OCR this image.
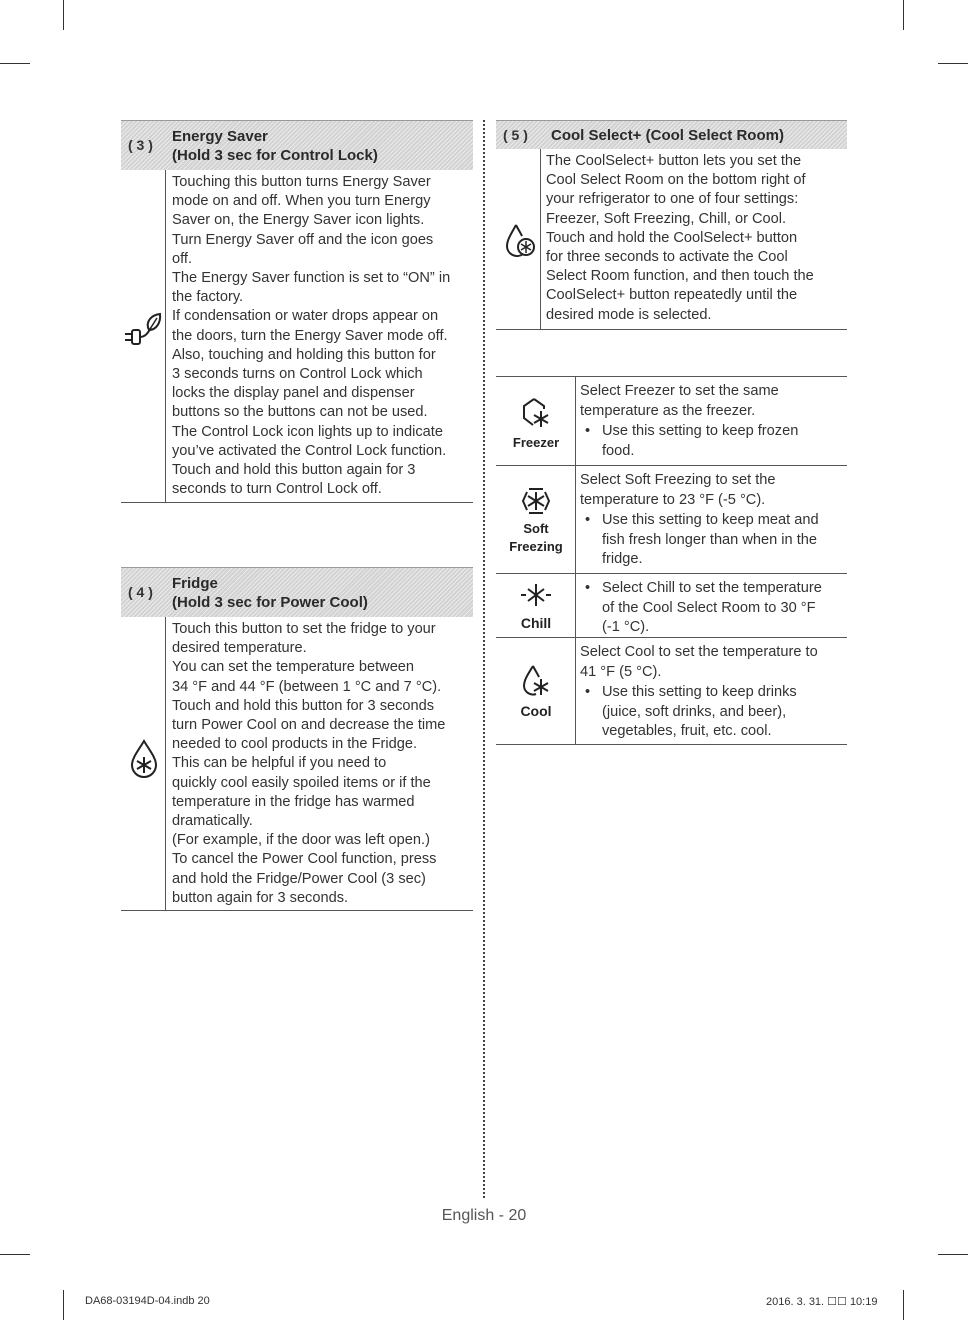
( 3 ) Energy Saver
(Hold 3 sec for Control Lock)

Touching this button turns Energy Saver

mode on and off. When you turn Energy

Saver on, the Energy Saver icon lights.

Turn Energy Saver off and the icon goes

off.

The Energy Saver function is set to “ON” in

the factory.

If condensation or water drops appear on

the doors, turn the Energy Saver mode off.

Also, touching and holding this button for

3 seconds turns on Control Lock which

locks the display panel and dispenser

buttons so the buttons can not be used.

The Control Lock icon lights up to indicate

you’ve activated the Control Lock function.

Touch and hold this button again for 3

seconds to turn Control Lock off.

( 4 ) Fridge
(Hold 3 sec for Power Cool)

Touch this button to set the fridge to your

desired temperature.

You can set the temperature between

34 °F and 44 °F (between 1 °C and 7 °C).

Touch and hold this button for 3 seconds

turn Power Cool on and decrease the time

needed to cool products in the Fridge.

This can be helpful if you need to

quickly cool easily spoiled items or if the

temperature in the fridge has warmed

dramatically.

(For example, if the door was left open.)

To cancel the Power Cool function, press

and hold the Fridge/Power Cool (3 sec)

button again for 3 seconds.

( 5 ) Cool Select+ (Cool Select Room)

The CoolSelect+ button lets you set the

Cool Select Room on the bottom right of

your refrigerator to one of four settings:

Freezer, Soft Freezing, Chill, or Cool.

Touch and hold the CoolSelect+ button

for three seconds to activate the Cool

Select Room function, and then touch the

CoolSelect+ button repeatedly until the

desired mode is selected.

Freezer

Select Freezer to set the same

temperature as the freezer.

• Use this setting to keep frozen

food.

Soft
Freezing

Select Soft Freezing to set the

temperature to 23 °F (-5 °C).

• Use this setting to keep meat and

fish fresh longer than when in the

fridge.

Chill
• Select Chill to set the temperature

of the Cool Select Room to 30 °F

(-1 °C).

Cool

Select Cool to set the temperature to

41 °F (5 °C).

• Use this setting to keep drinks

(juice, soft drinks, and beer),

vegetables, fruit, etc. cool.

English - 20
DA68-03194D-04.indb 20	2016. 3. 31. ☐☐ 10:19
